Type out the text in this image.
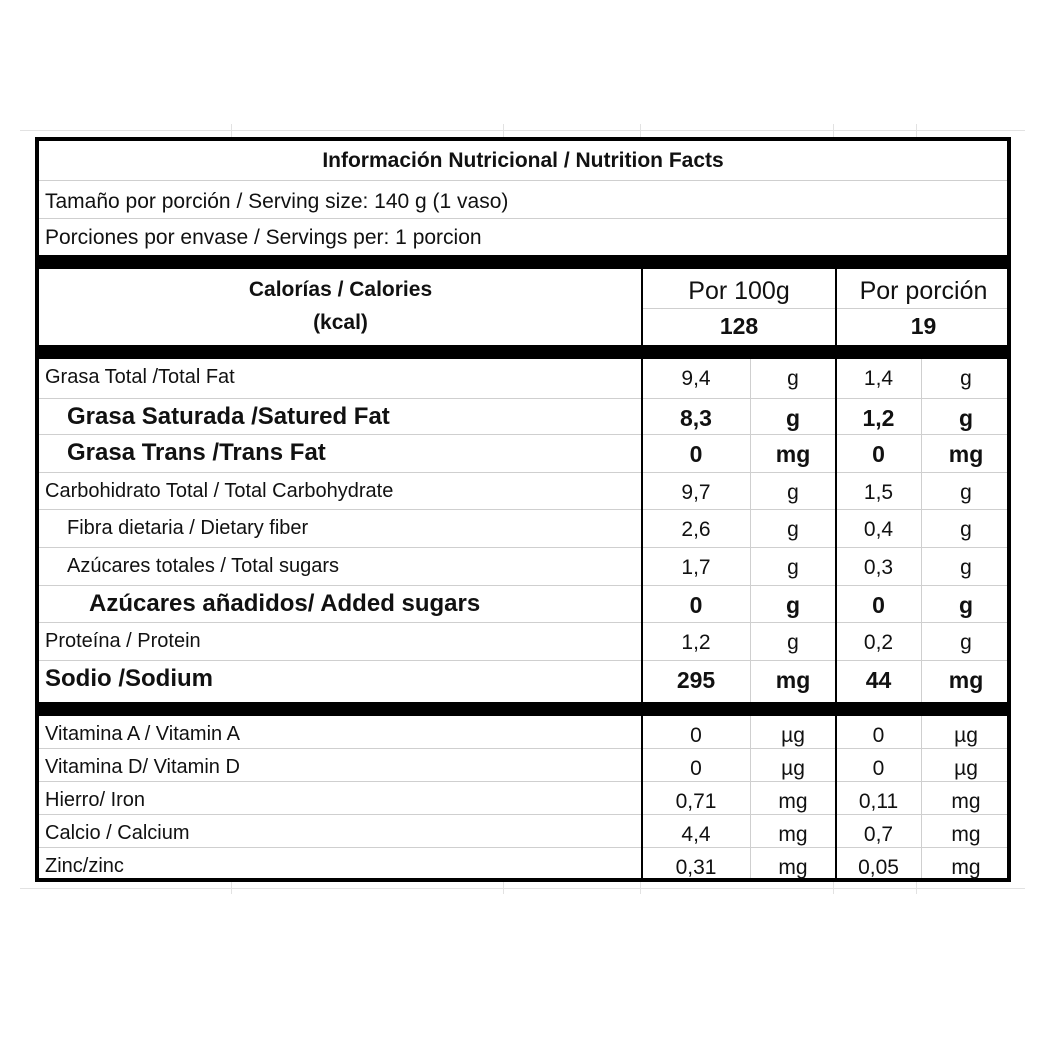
Información Nutricional / Nutrition Facts
Tamaño por porción / Serving size: 140 g (1 vaso)
Porciones por envase / Servings per: 1 porcion
Calorías / Calories
(kcal)
Por 100g	Por porción
128	19
Grasa Total /Total Fat	9,4	g	1,4	g
Grasa Saturada /Satured Fat	8,3	g	1,2	g
Grasa Trans /Trans Fat	0	mg	0	mg
Carbohidrato Total / Total Carbohydrate	9,7	g	1,5	g
Fibra dietaria / Dietary fiber	2,6	g	0,4	g
Azúcares totales / Total sugars	1,7	g	0,3	g
Azúcares añadidos/ Added sugars	0	g	0	g
Proteína / Protein	1,2	g	0,2	g
Sodio /Sodium	295	mg	44	mg
Vitamina A / Vitamin A	0	µg	0	µg
Vitamina D/ Vitamin D	0	µg	0	µg
Hierro/ Iron	0,71	mg	0,11	mg
Calcio / Calcium	4,4	mg	0,7	mg
Zinc/zinc	0,31	mg	0,05	mg
